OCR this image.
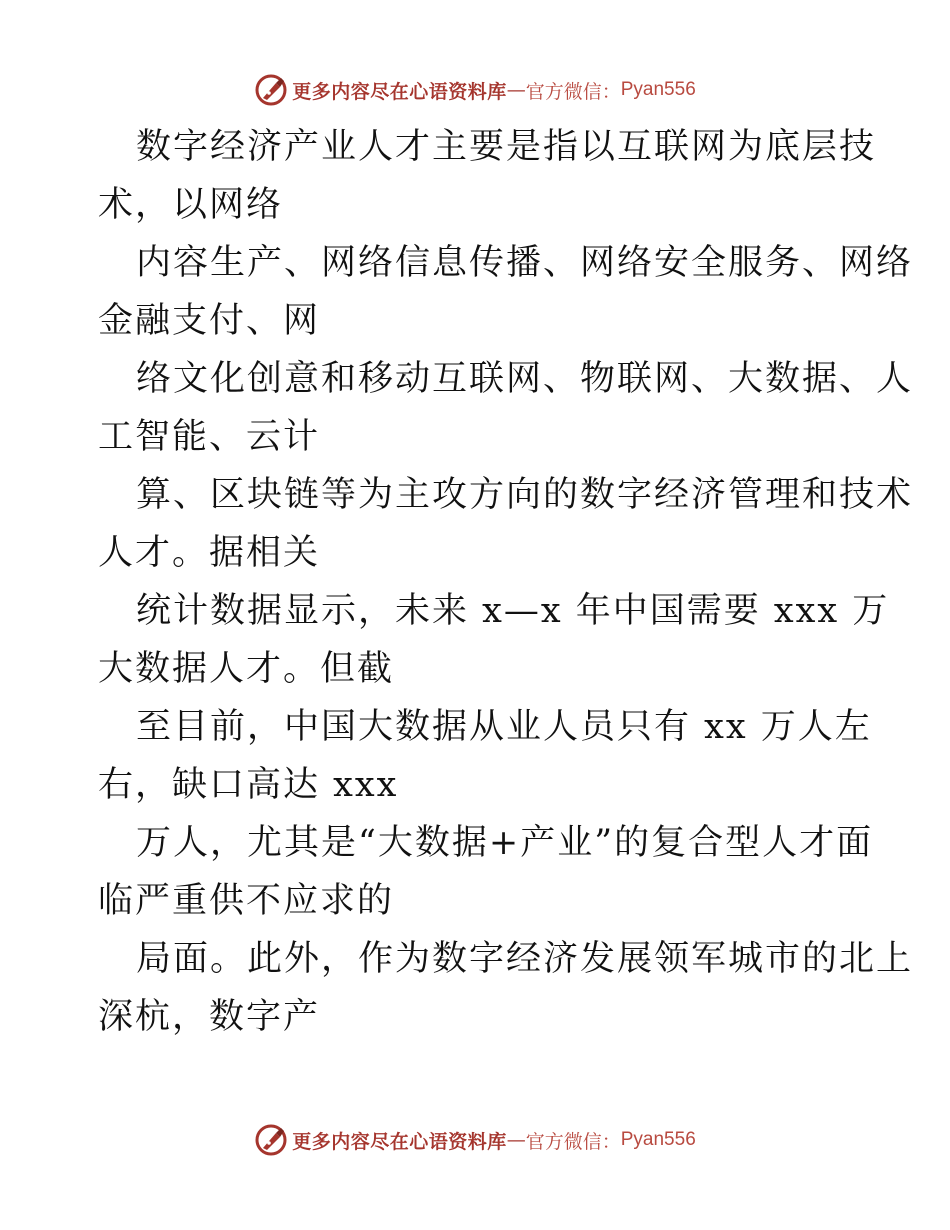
更多内容尽在心语资料库 — 官方微信： Pyan556
数字经济产业人才主要是指以互联网为底层技
术，以网络
内容生产、网络信息传播、网络安全服务、网络
金融支付、网
络文化创意和移动互联网、物联网、大数据、人
工智能、云计
算、区块链等为主攻方向的数字经济管理和技术
人才。据相关
统计数据显示，未来 x—x 年中国需要 xxx 万
大数据人才。但截
至目前，中国大数据从业人员只有 xx 万人左
右，缺口高达 xxx
万人，尤其是“大数据+产业”的复合型人才面
临严重供不应求的
局面。此外，作为数字经济发展领军城市的北上
深杭，数字产
更多内容尽在心语资料库 — 官方微信： Pyan556
